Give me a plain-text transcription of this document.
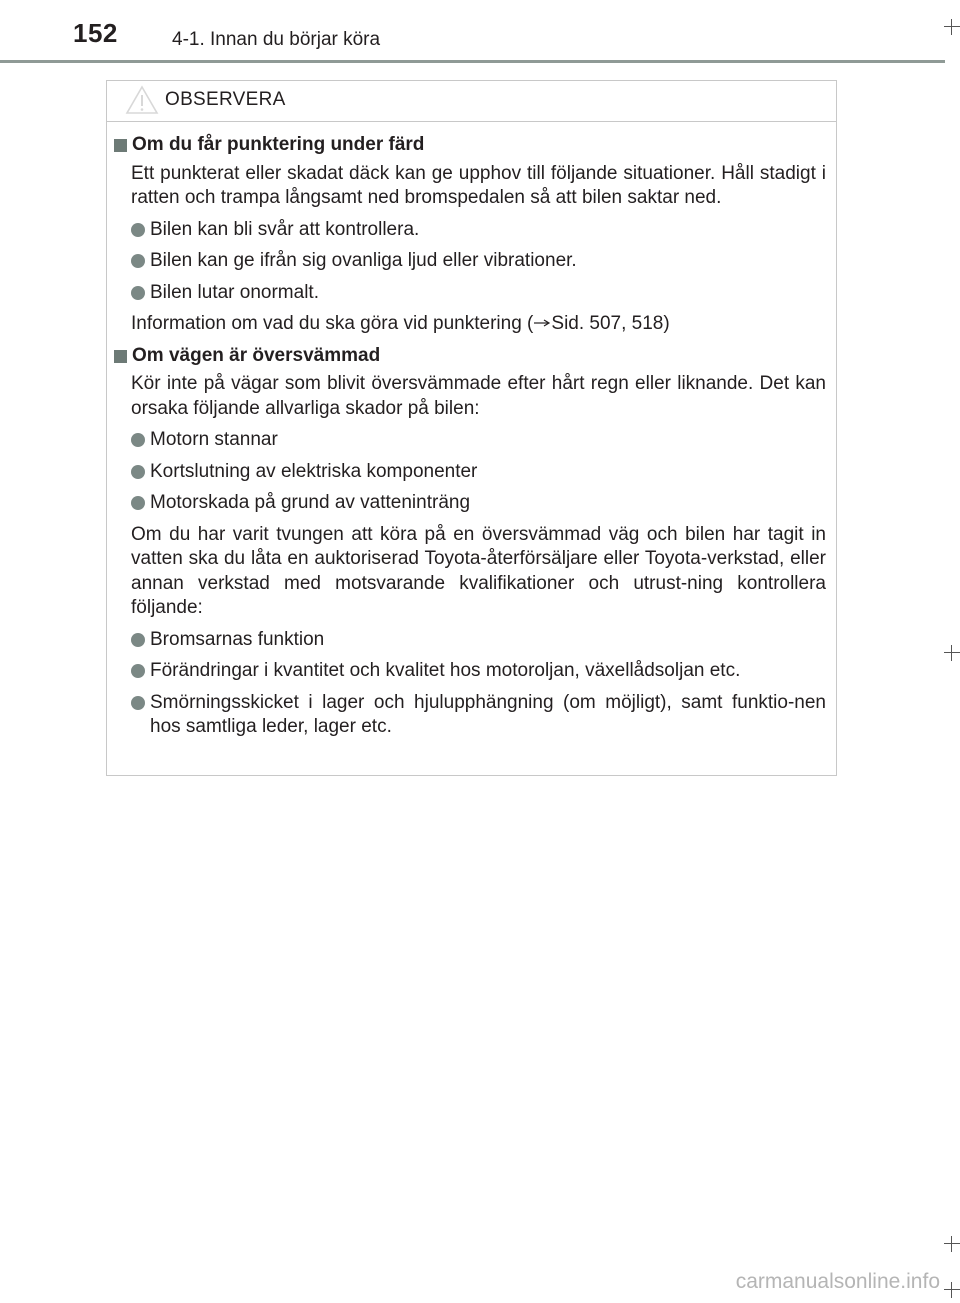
152	4-1. Innan du börjar köra
OBSERVERA
Om du får punktering under färd
Ett punkterat eller skadat däck kan ge upphov till följande situationer. Håll stadigt i ratten och trampa långsamt ned bromspedalen så att bilen saktar ned.
Bilen kan bli svår att kontrollera.
Bilen kan ge ifrån sig ovanliga ljud eller vibrationer.
Bilen lutar onormalt.
Information om vad du ska göra vid punktering ( Sid. 507, 518)
Om vägen är översvämmad
Kör inte på vägar som blivit översvämmade efter hårt regn eller liknande. Det kan orsaka följande allvarliga skador på bilen:
Motorn stannar
Kortslutning av elektriska komponenter
Motorskada på grund av vatteninträng
Om du har varit tvungen att köra på en översvämmad väg och bilen har tagit in vatten ska du låta en auktoriserad Toyota-återförsäljare eller Toyota-verkstad, eller annan verkstad med motsvarande kvalifikationer och utrust-ning kontrollera följande:
Bromsarnas funktion
Förändringar i kvantitet och kvalitet hos motoroljan, växellådsoljan etc.
Smörningsskicket i lager och hjulupphängning (om möjligt), samt funktio-nen hos samtliga leder, lager etc.
carmanualsonline.info
